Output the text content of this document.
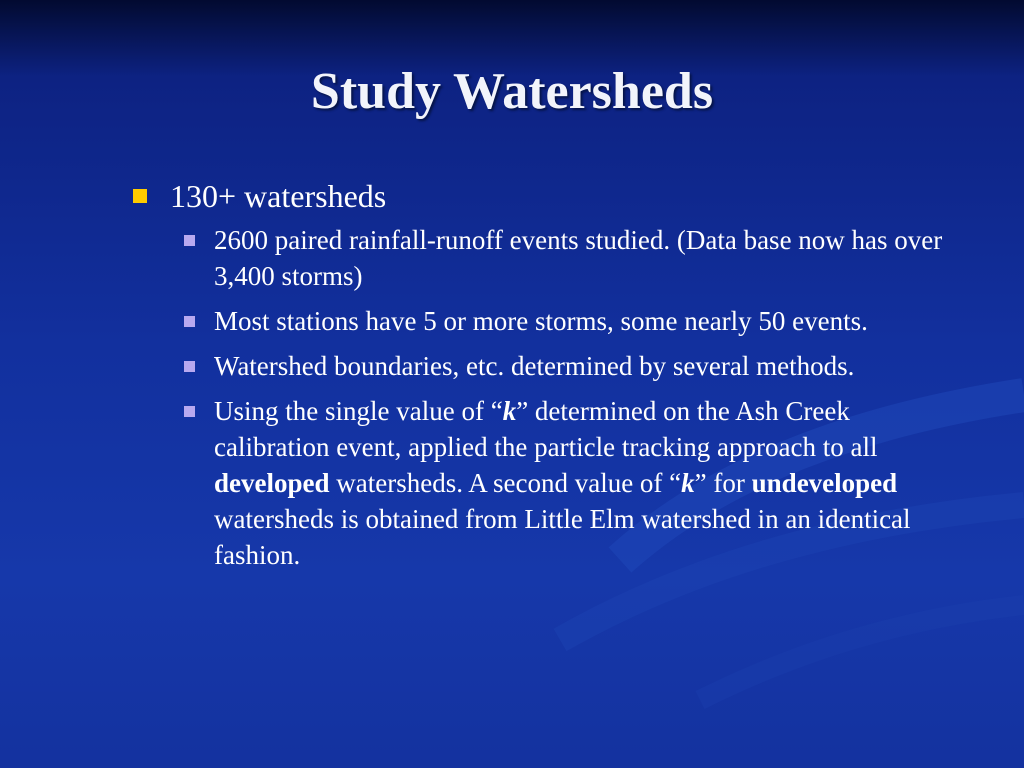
Study Watersheds
130+ watersheds
2600 paired rainfall-runoff events studied. (Data base now has over 3,400 storms)
Most stations have 5 or more storms, some nearly 50 events.
Watershed boundaries, etc. determined by several methods.
Using the single value of “k” determined on the Ash Creek calibration event, applied the particle tracking approach to all developed watersheds. A second value of “k” for undeveloped watersheds is obtained from Little Elm watershed in an identical fashion.
